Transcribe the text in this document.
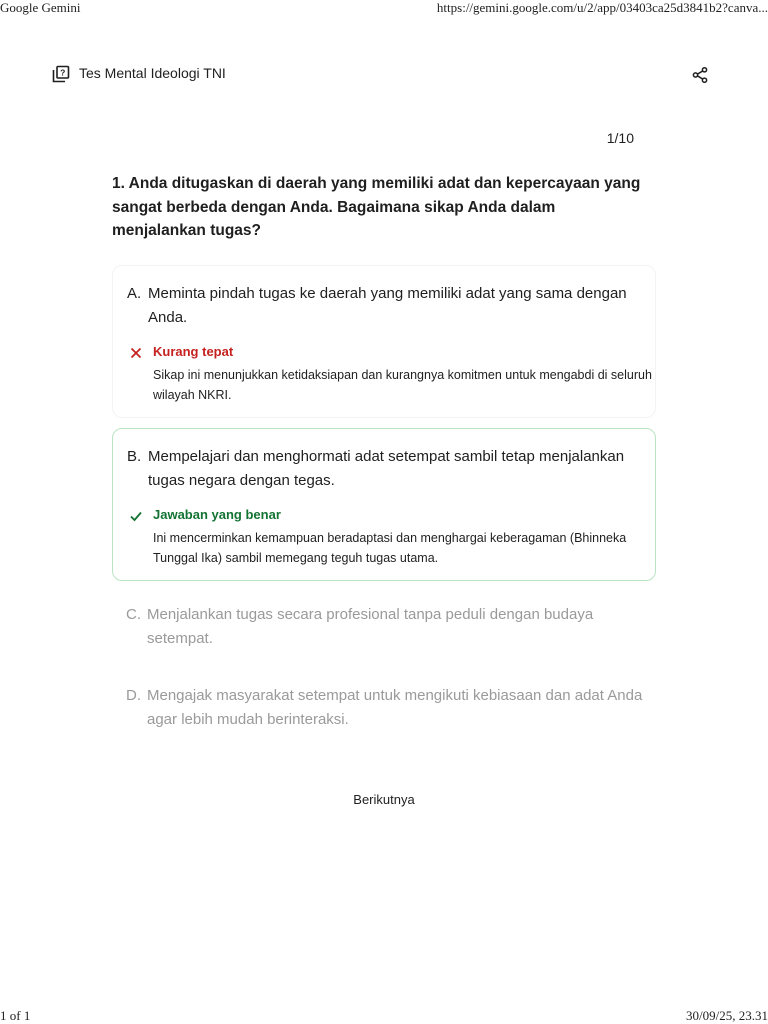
Google Gemini	https://gemini.google.com/u/2/app/03403ca25d3841b2?canva...
? Tes Mental Ideologi TNI
1/10
1. Anda ditugaskan di daerah yang memiliki adat dan kepercayaan yang sangat berbeda dengan Anda. Bagaimana sikap Anda dalam menjalankan tugas?
A. Meminta pindah tugas ke daerah yang memiliki adat yang sama dengan Anda.
Kurang tepat
Sikap ini menunjukkan ketidaksiapan dan kurangnya komitmen untuk mengabdi di seluruh wilayah NKRI.
B. Mempelajari dan menghormati adat setempat sambil tetap menjalankan tugas negara dengan tegas.
Jawaban yang benar
Ini mencerminkan kemampuan beradaptasi dan menghargai keberagaman (Bhinneka Tunggal Ika) sambil memegang teguh tugas utama.
C. Menjalankan tugas secara profesional tanpa peduli dengan budaya setempat.
D. Mengajak masyarakat setempat untuk mengikuti kebiasaan dan adat Anda agar lebih mudah berinteraksi.
Berikutnya
1 of 1	30/09/25, 23.31
